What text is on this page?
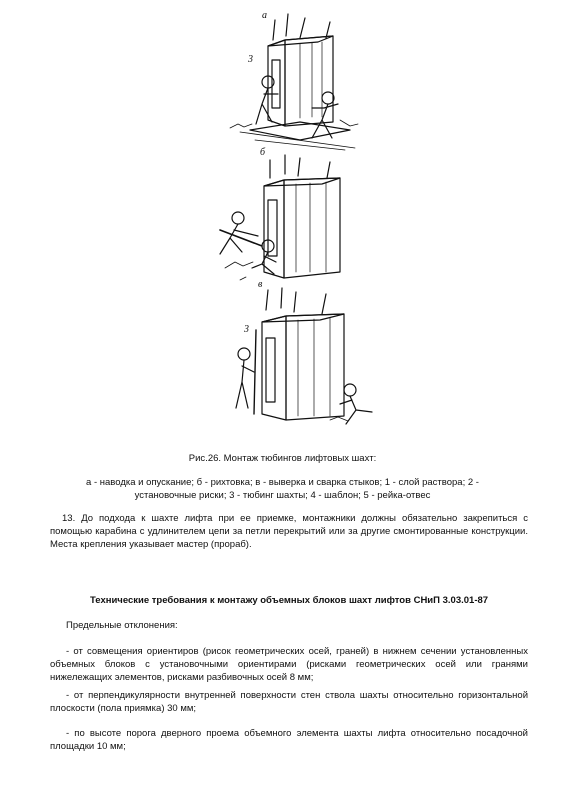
а
б
в
3
3
Рис.26. Монтаж тюбингов лифтовых шахт:
а - наводка и опускание; б - рихтовка; в - выверка и сварка стыков; 1 - слой раствора; 2 - установочные риски; 3 - тюбинг шахты; 4 - шаблон; 5 - рейка-отвес
13. До подхода к шахте лифта при ее приемке, монтажники должны обязательно закрепиться с помощью карабина с удлинителем цепи за петли перекрытий или за другие смонтированные конструкции. Места крепления указывает мастер (прораб).
Технические требования к монтажу объемных блоков шахт лифтов СНиП 3.03.01-87
Предельные отклонения:
- от совмещения ориентиров (рисок геометрических осей, граней) в нижнем сечении установленных объемных блоков с установочными ориентирами (рисками геометрических осей или гранями нижележащих элементов, рисками разбивочных осей 8 мм;
- от перпендикулярности внутренней поверхности стен ствола шахты относительно горизонтальной плоскости (пола приямка) 30 мм;
- по высоте порога дверного проема объемного элемента шахты лифта относительно посадочной площадки 10 мм;
